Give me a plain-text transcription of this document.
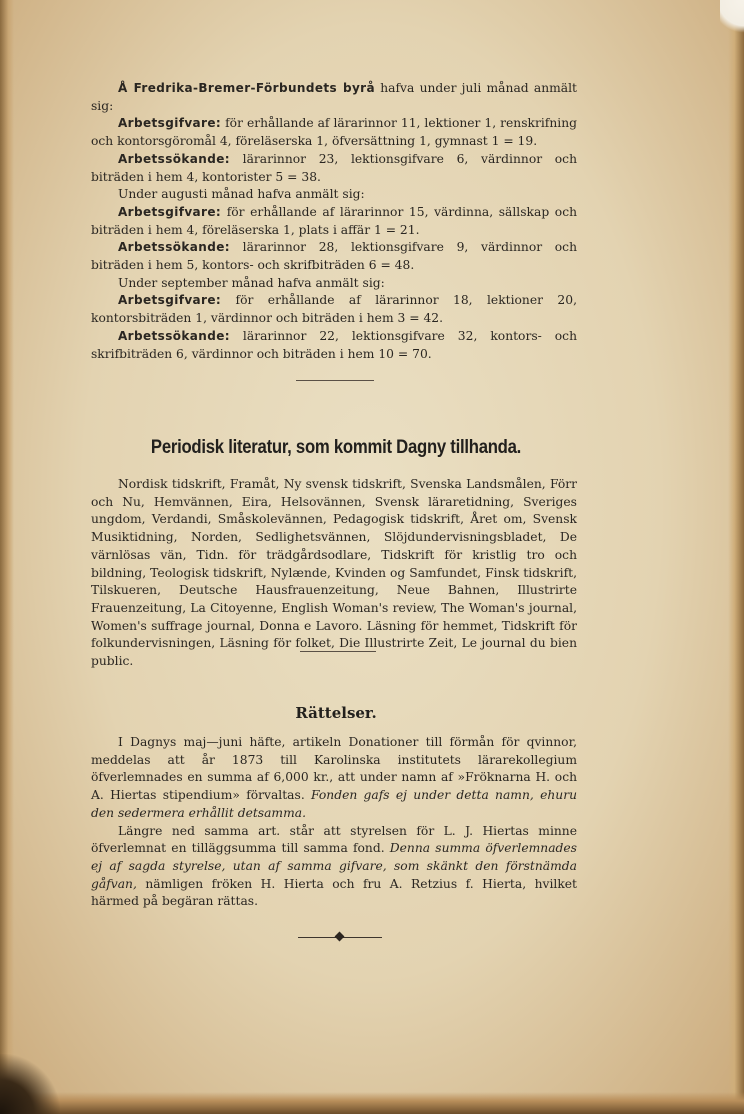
Å Fredrika-Bremer-Förbundets byrå hafva under juli månad anmält sig:

Arbetsgifvare: för erhållande af lärarinnor 11, lektioner 1, renskrifning och kontorsgöromål 4, föreläserska 1, öfversättning 1, gymnast 1 = 19.

Arbetssökande: lärarinnor 23, lektionsgifvare 6, värdinnor och biträden i hem 4, kontorister 5 = 38.

Under augusti månad hafva anmält sig:

Arbetsgifvare: för erhållande af lärarinnor 15, värdinna, sällskap och biträden i hem 4, föreläserska 1, plats i affär 1 = 21.

Arbetssökande: lärarinnor 28, lektionsgifvare 9, värdinnor och biträden i hem 5, kontors- och skrifbiträden 6 = 48.

Under september månad hafva anmält sig:

Arbetsgifvare: för erhållande af lärarinnor 18, lektioner 20, kontorsbiträden 1, värdinnor och biträden i hem 3 = 42.

Arbetssökande: lärarinnor 22, lektionsgifvare 32, kontors- och skrifbiträden 6, värdinnor och biträden i hem 10 = 70.

Periodisk literatur, som kommit Dagny tillhanda.

Nordisk tidskrift, Framåt, Ny svensk tidskrift, Svenska Landsmålen, Förr och Nu, Hemvännen, Eira, Helsovännen, Svensk läraretidning, Sveriges ungdom, Verdandi, Småskolevännen, Pedagogisk tidskrift, Året om, Svensk Musiktidning, Norden, Sedlighetsvännen, Slöjdundervisningsbladet, De värnlösas vän, Tidn. för trädgårdsodlare, Tidskrift för kristlig tro och bildning, Teologisk tidskrift, Nylænde, Kvinden og Samfundet, Finsk tidskrift, Tilskueren, Deutsche Hausfrauenzeitung, Neue Bahnen, Illustrirte Frauenzeitung, La Citoyenne, English Woman's review, The Woman's journal, Women's suffrage journal, Donna e Lavoro. Läsning för hemmet, Tidskrift för folkundervisningen, Läsning för folket, Die Illustrirte Zeit, Le journal du bien public.

Rättelser.

I Dagnys maj—juni häfte, artikeln Donationer till förmån för qvinnor, meddelas att år 1873 till Karolinska institutets lärarekollegium öfverlemnades en summa af 6,000 kr., att under namn af »Fröknarna H. och A. Hiertas stipendium» förvaltas. Fonden gafs ej under detta namn, ehuru den sedermera erhållit detsamma.

Längre ned samma art. står att styrelsen för L. J. Hiertas minne öfverlemnat en tilläggsumma till samma fond. Denna summa öfverlemnades ej af sagda styrelse, utan af samma gifvare, som skänkt den förstnämda gåfvan, nämligen fröken H. Hierta och fru A. Retzius f. Hierta, hvilket härmed på begäran rättas.
